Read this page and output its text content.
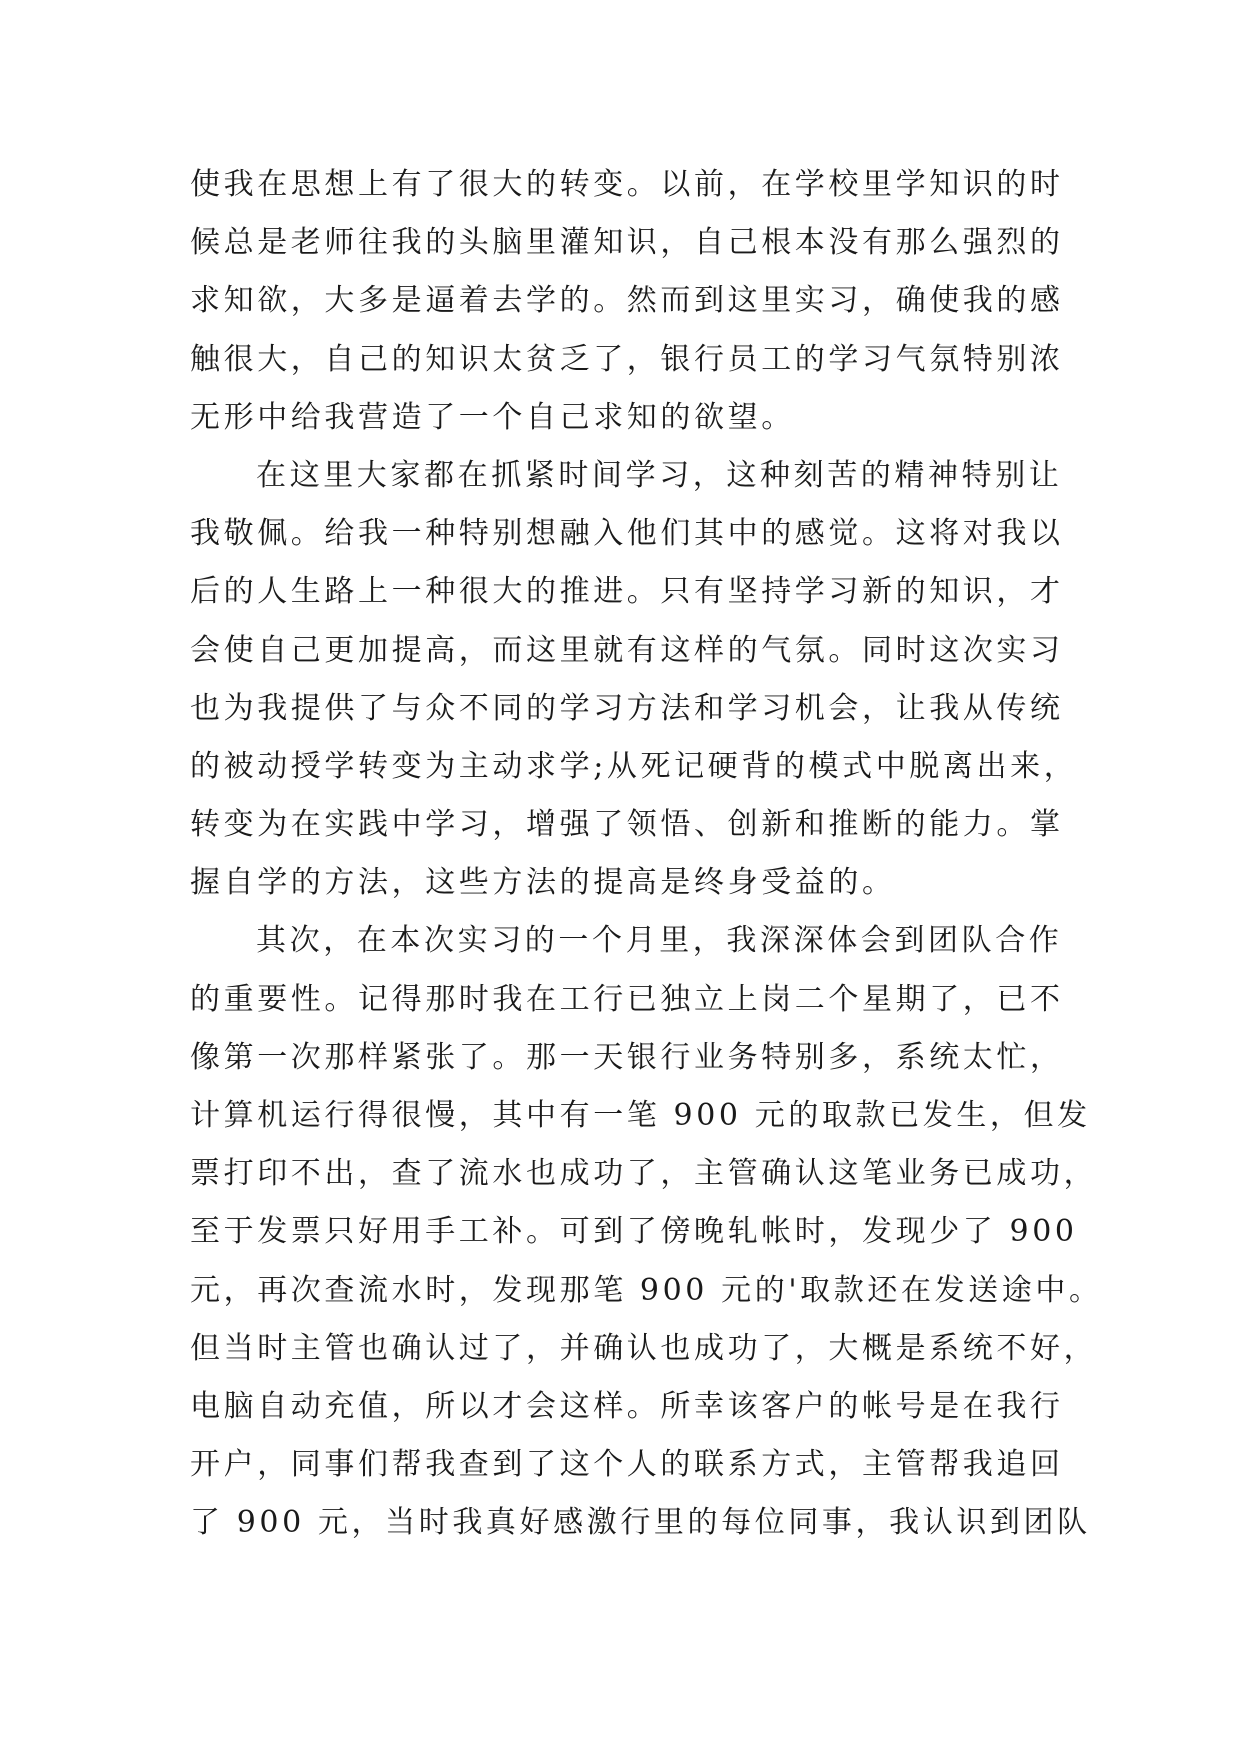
使我在思想上有了很大的转变。以前，在学校里学知识的时
候总是老师往我的头脑里灌知识，自己根本没有那么强烈的
求知欲，大多是逼着去学的。然而到这里实习，确使我的感
触很大，自己的知识太贫乏了，银行员工的学习气氛特别浓
无形中给我营造了一个自己求知的欲望。
在这里大家都在抓紧时间学习，这种刻苦的精神特别让
我敬佩。给我一种特别想融入他们其中的感觉。这将对我以
后的人生路上一种很大的推进。只有坚持学习新的知识，才
会使自己更加提高，而这里就有这样的气氛。同时这次实习
也为我提供了与众不同的学习方法和学习机会，让我从传统
的被动授学转变为主动求学;从死记硬背的模式中脱离出来，
转变为在实践中学习，增强了领悟、创新和推断的能力。掌
握自学的方法，这些方法的提高是终身受益的。
其次，在本次实习的一个月里，我深深体会到团队合作
的重要性。记得那时我在工行已独立上岗二个星期了，已不
像第一次那样紧张了。那一天银行业务特别多，系统太忙，
计算机运行得很慢，其中有一笔 900 元的取款已发生，但发
票打印不出，查了流水也成功了，主管确认这笔业务已成功，
至于发票只好用手工补。可到了傍晚轧帐时，发现少了 900
元，再次查流水时，发现那笔 900 元的'取款还在发送途中。
但当时主管也确认过了，并确认也成功了，大概是系统不好，
电脑自动充值，所以才会这样。所幸该客户的帐号是在我行
开户，同事们帮我查到了这个人的联系方式，主管帮我追回
了 900 元，当时我真好感激行里的每位同事，我认识到团队
